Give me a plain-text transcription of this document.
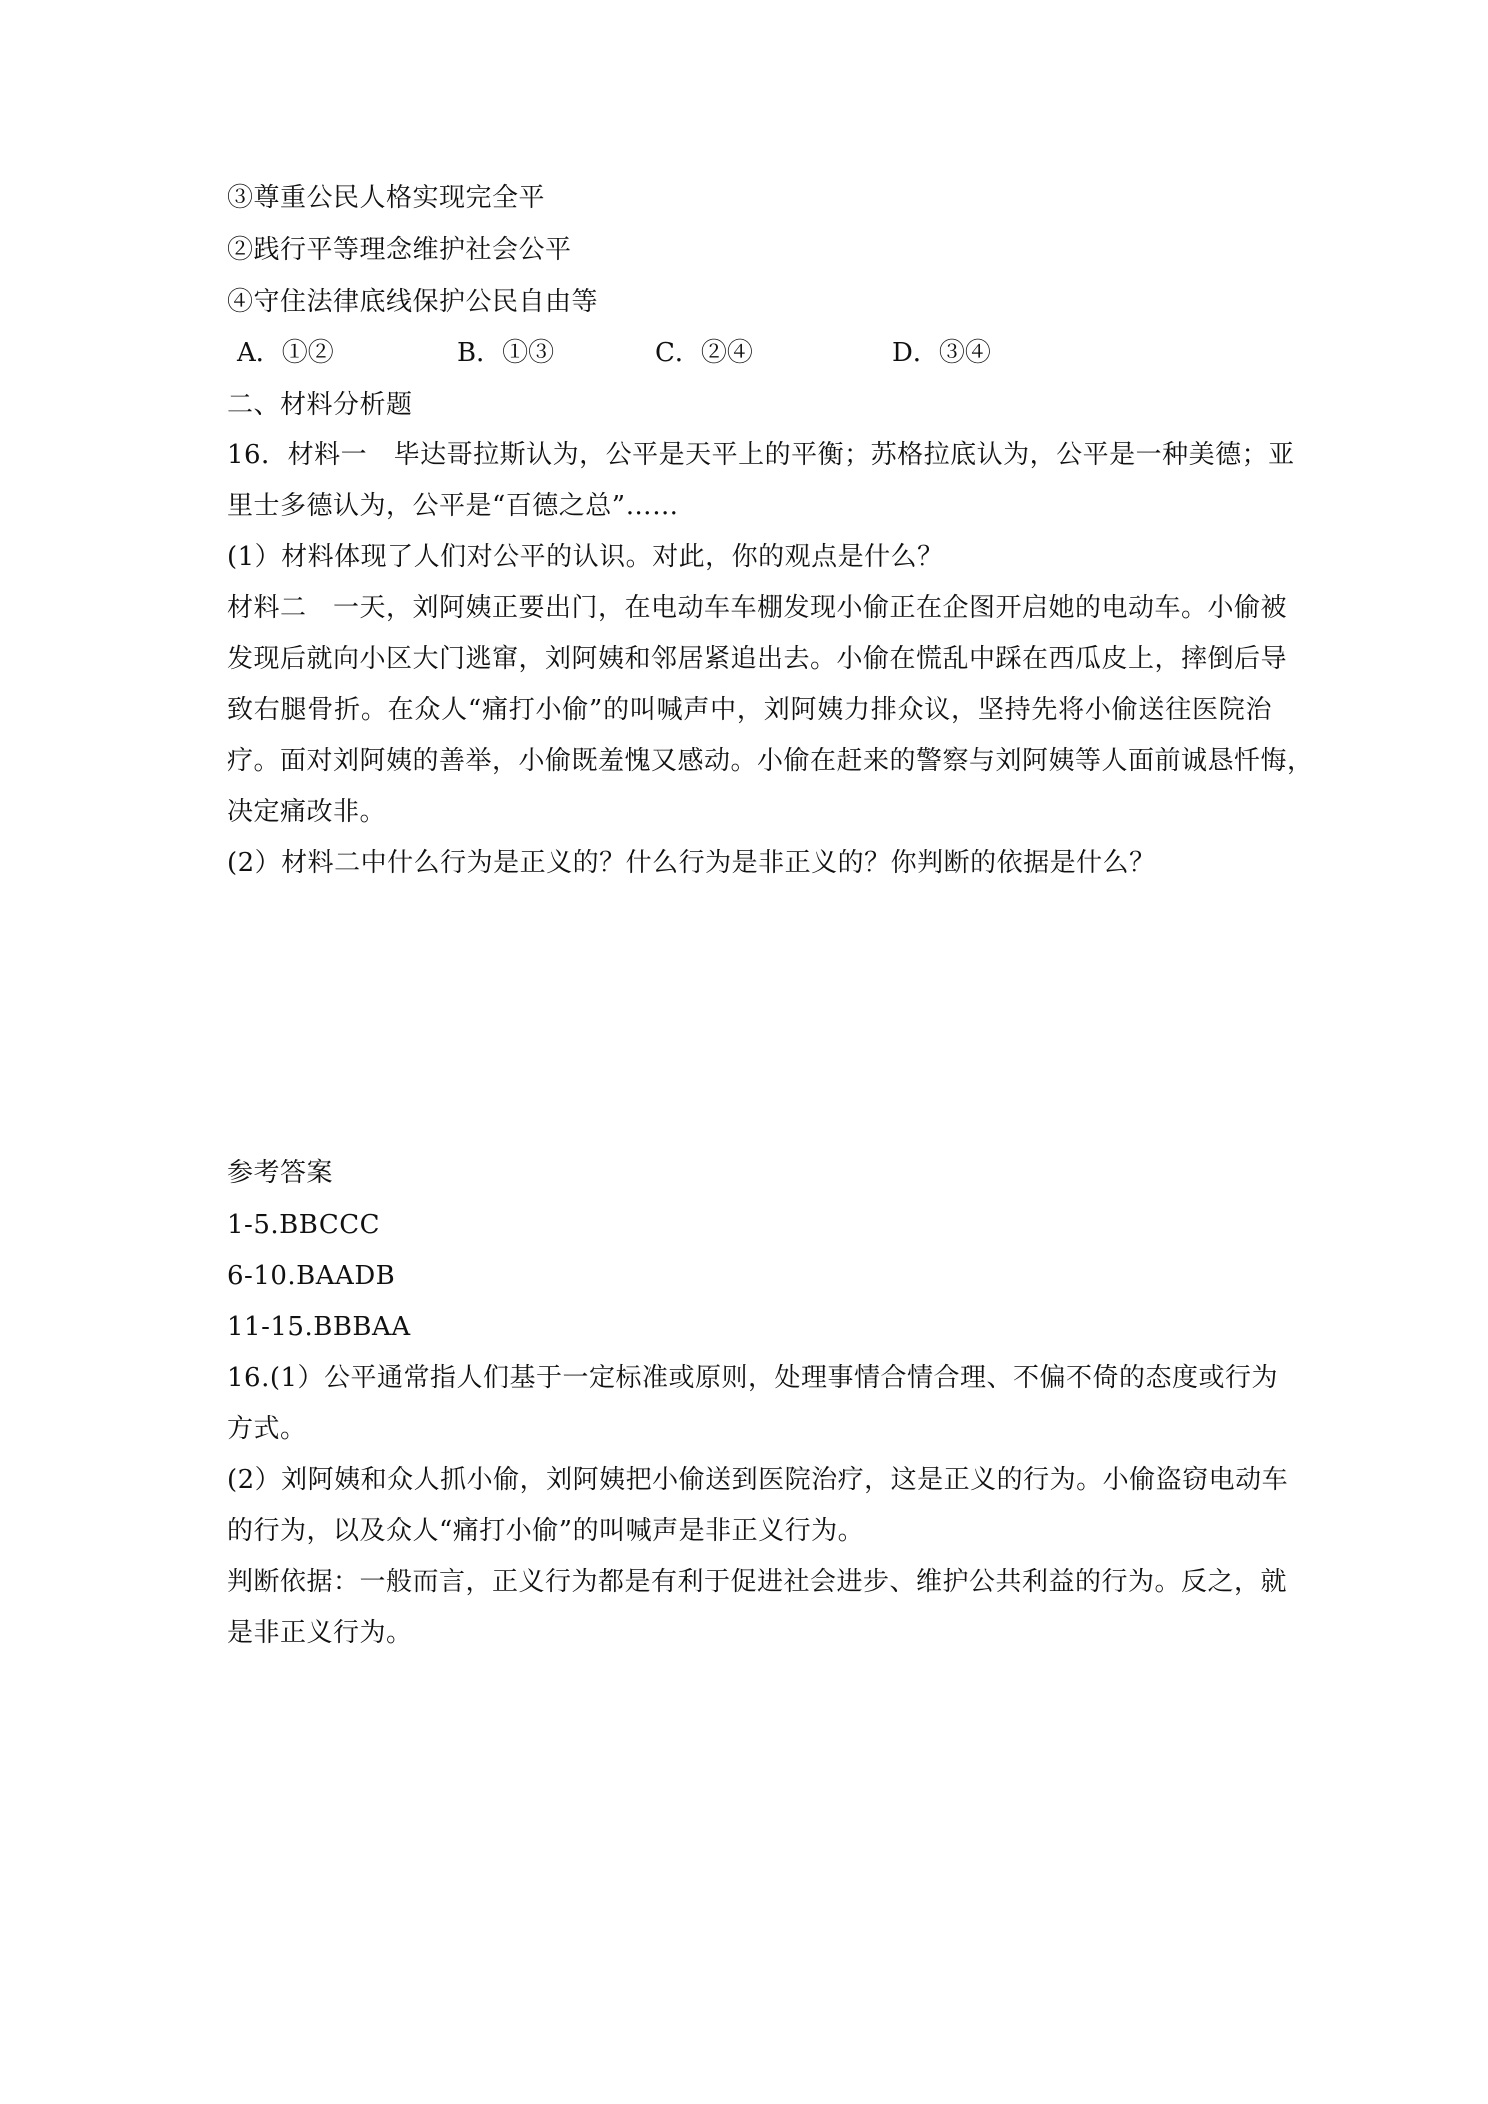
③尊重公民人格实现完全平
②践行平等理念维护社会公平
④守住法律底线保护公民自由等
A．①②	B．①③	C．②④	D．③④
二、材料分析题
16．材料一　毕达哥拉斯认为，公平是天平上的平衡；苏格拉底认为，公平是一种美德；亚
里士多德认为，公平是“百德之总”……
(1）材料体现了人们对公平的认识。对此，你的观点是什么？
材料二　一天，刘阿姨正要出门，在电动车车棚发现小偷正在企图开启她的电动车。小偷被
发现后就向小区大门逃窜，刘阿姨和邻居紧追出去。小偷在慌乱中踩在西瓜皮上，摔倒后导
致右腿骨折。在众人“痛打小偷”的叫喊声中，刘阿姨力排众议，坚持先将小偷送往医院治
疗。面对刘阿姨的善举，小偷既羞愧又感动。小偷在赶来的警察与刘阿姨等人面前诚恳忏悔，
决定痛改非。
(2）材料二中什么行为是正义的？什么行为是非正义的？你判断的依据是什么？
参考答案
1-5.BBCCC
6-10.BAADB
11-15.BBBAA
16.(1）公平通常指人们基于一定标准或原则，处理事情合情合理、不偏不倚的态度或行为
方式。
(2）刘阿姨和众人抓小偷，刘阿姨把小偷送到医院治疗，这是正义的行为。小偷盗窃电动车
的行为，以及众人“痛打小偷”的叫喊声是非正义行为。
判断依据：一般而言，正义行为都是有利于促进社会进步、维护公共利益的行为。反之，就
是非正义行为。
